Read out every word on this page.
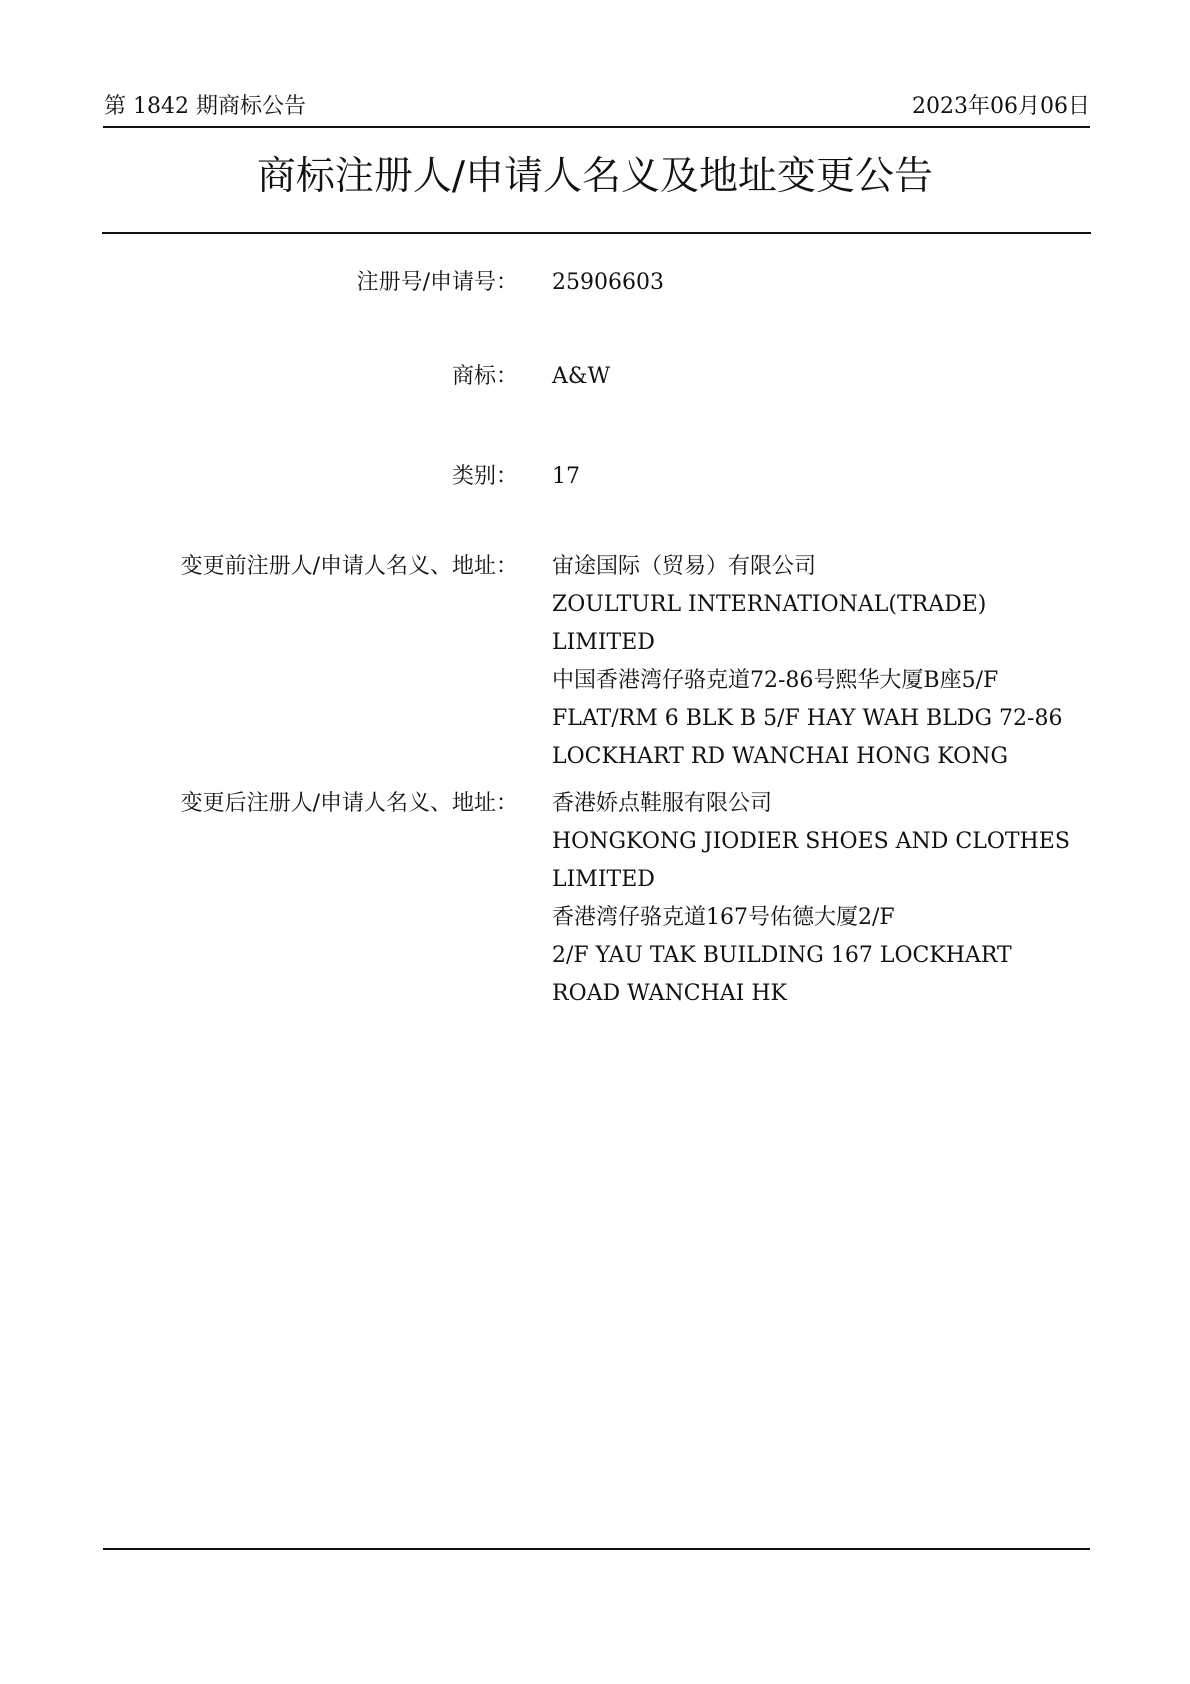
第 1842 期商标公告	2023年06月06日
商标注册人/申请人名义及地址变更公告
注册号/申请号： 25906603
商标： A&W
类别： 17
变更前注册人/申请人名义、地址： 宙途国际（贸易）有限公司
ZOULTURL INTERNATIONAL(TRADE)
LIMITED
中国香港湾仔骆克道72-86号熙华大厦B座5/F
FLAT/RM 6 BLK B 5/F HAY WAH BLDG 72-86
LOCKHART RD WANCHAI HONG KONG
变更后注册人/申请人名义、地址： 香港娇点鞋服有限公司
HONGKONG JIODIER SHOES AND CLOTHES
LIMITED
香港湾仔骆克道167号佑德大厦2/F
2/F YAU TAK BUILDING 167 LOCKHART
ROAD WANCHAI HK
